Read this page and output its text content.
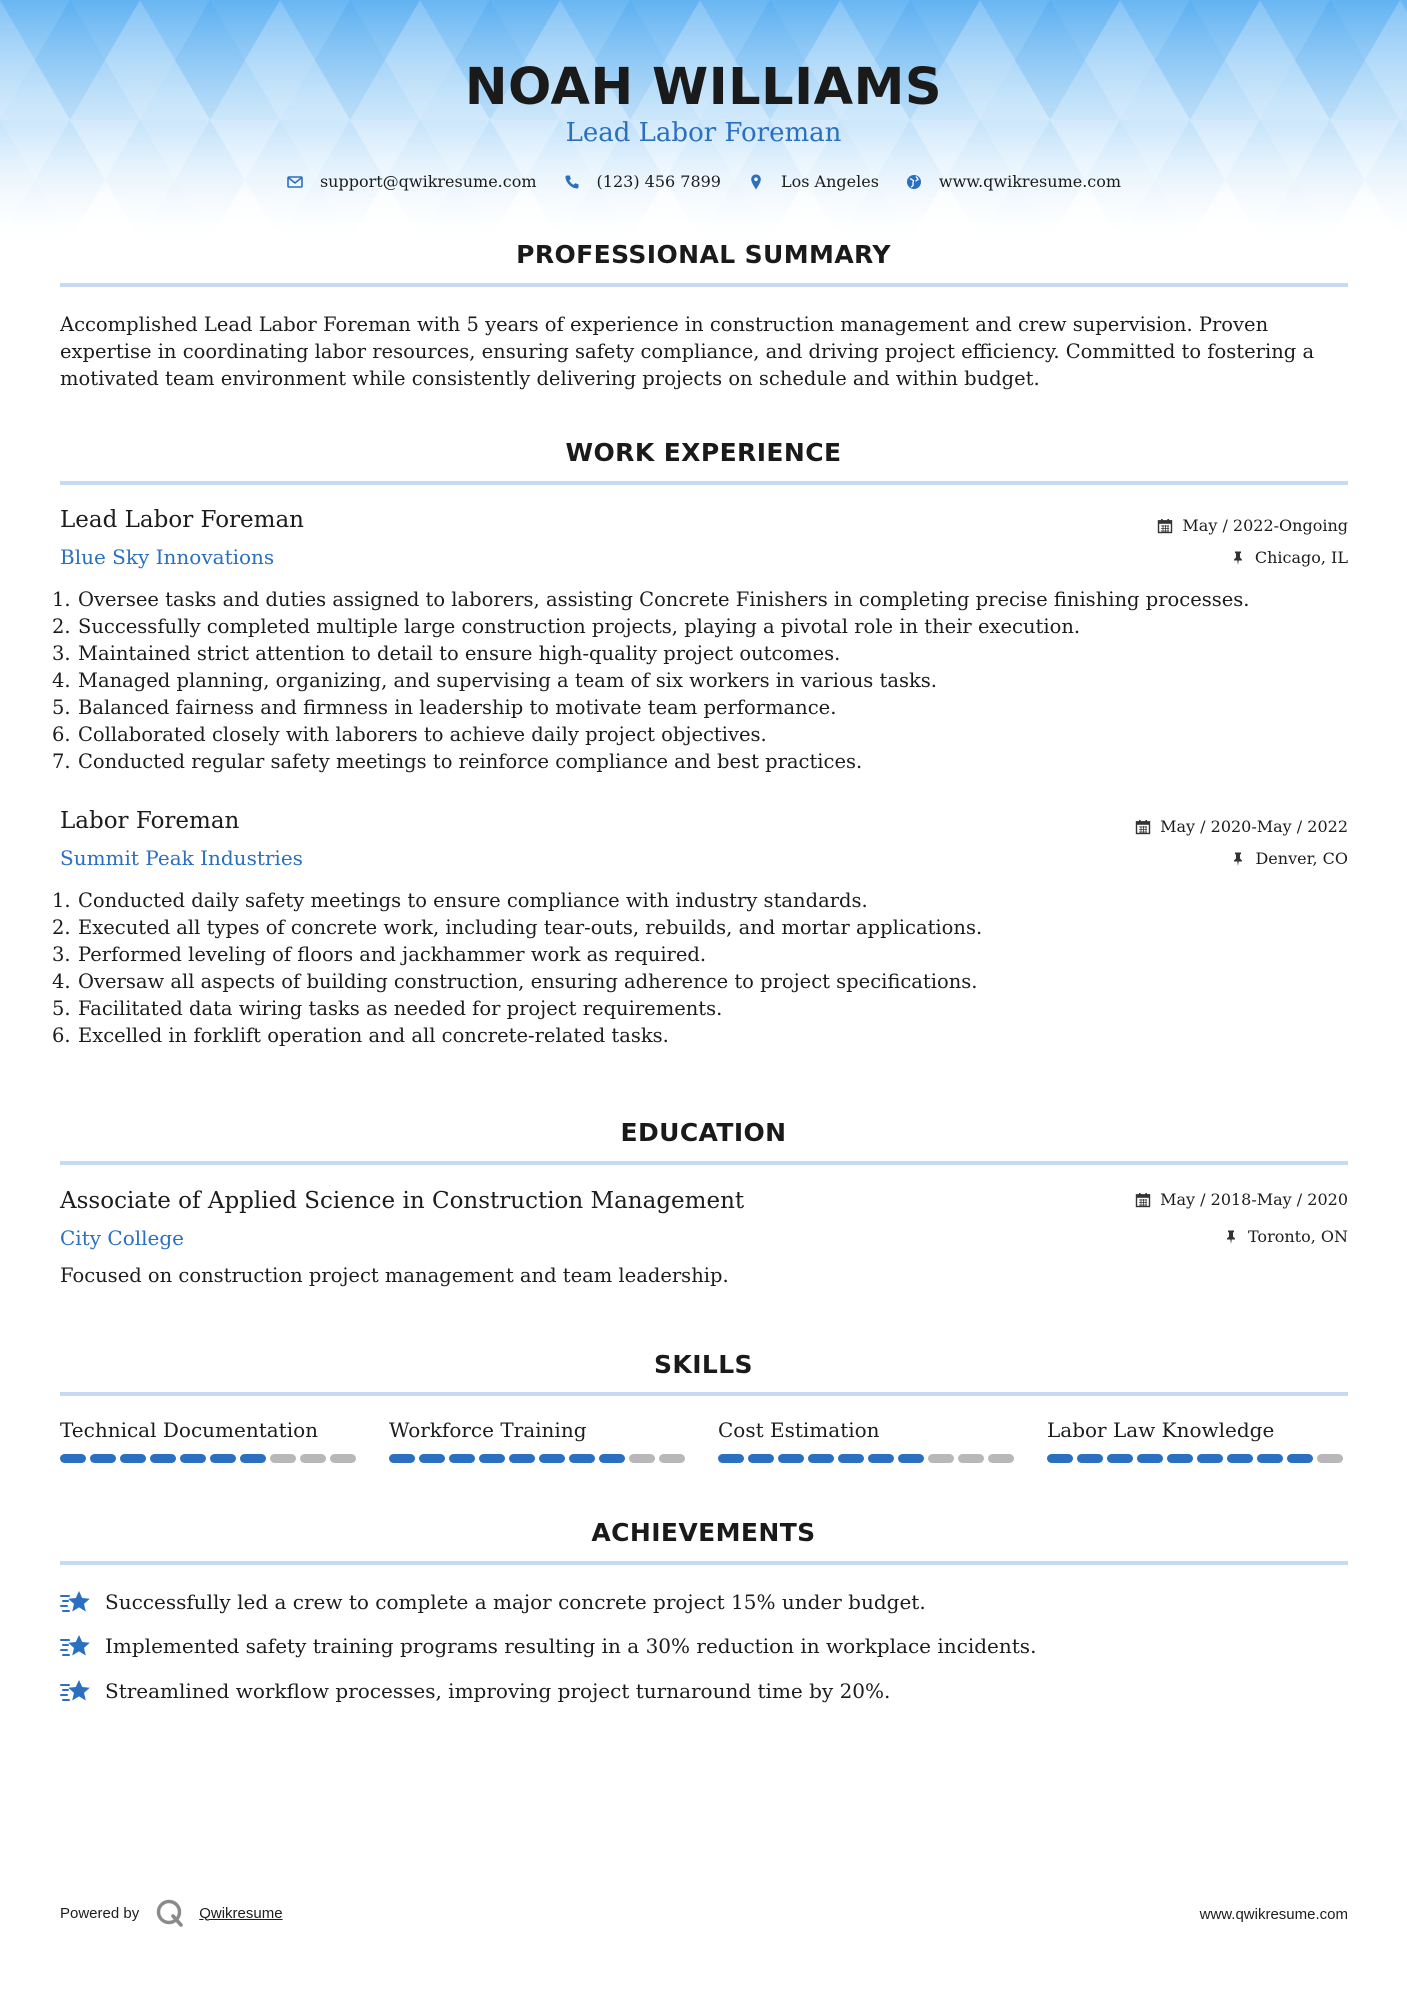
NOAH WILLIAMS
Lead Labor Foreman
support@qwikresume.com	(123) 456 7899	Los Angeles	www.qwikresume.com
PROFESSIONAL SUMMARY
Accomplished Lead Labor Foreman with 5 years of experience in construction management and crew supervision. Proven expertise in coordinating labor resources, ensuring safety compliance, and driving project efficiency. Committed to fostering a motivated team environment while consistently delivering projects on schedule and within budget.
WORK EXPERIENCE
Lead Labor Foreman
Blue Sky Innovations
May / 2022-Ongoing
Chicago, IL
1. Oversee tasks and duties assigned to laborers, assisting Concrete Finishers in completing precise finishing processes.
2. Successfully completed multiple large construction projects, playing a pivotal role in their execution.
3. Maintained strict attention to detail to ensure high-quality project outcomes.
4. Managed planning, organizing, and supervising a team of six workers in various tasks.
5. Balanced fairness and firmness in leadership to motivate team performance.
6. Collaborated closely with laborers to achieve daily project objectives.
7. Conducted regular safety meetings to reinforce compliance and best practices.
Labor Foreman
Summit Peak Industries
May / 2020-May / 2022
Denver, CO
1. Conducted daily safety meetings to ensure compliance with industry standards.
2. Executed all types of concrete work, including tear-outs, rebuilds, and mortar applications.
3. Performed leveling of floors and jackhammer work as required.
4. Oversaw all aspects of building construction, ensuring adherence to project specifications.
5. Facilitated data wiring tasks as needed for project requirements.
6. Excelled in forklift operation and all concrete-related tasks.
EDUCATION
Associate of Applied Science in Construction Management
City College
May / 2018-May / 2020
Toronto, ON
Focused on construction project management and team leadership.
SKILLS
Technical Documentation	Workforce Training	Cost Estimation	Labor Law Knowledge
ACHIEVEMENTS
Successfully led a crew to complete a major concrete project 15% under budget.
Implemented safety training programs resulting in a 30% reduction in workplace incidents.
Streamlined workflow processes, improving project turnaround time by 20%.
Powered by	Qwikresume	www.qwikresume.com
